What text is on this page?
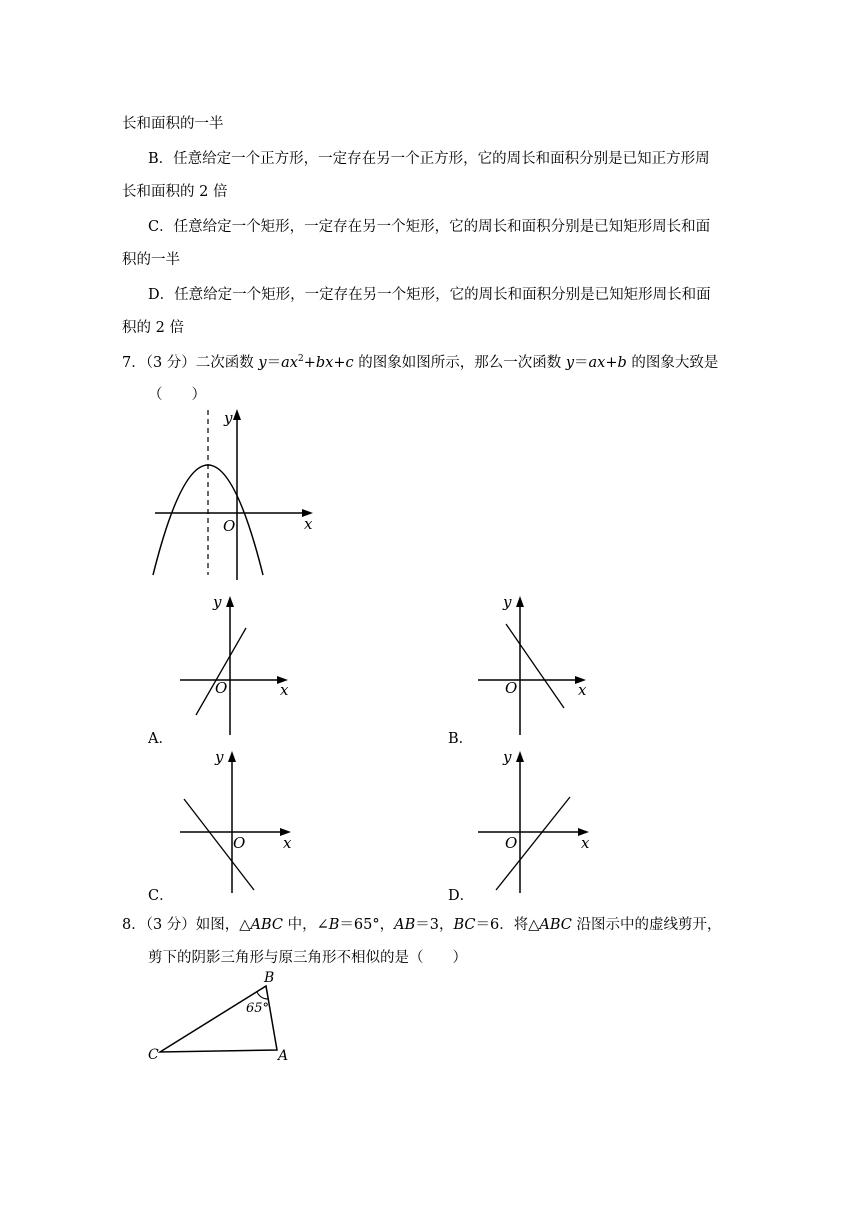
长和面积的一半
B．任意给定一个正方形，一定存在另一个正方形，它的周长和面积分别是已知正方形周
长和面积的 2 倍
C．任意给定一个矩形，一定存在另一个矩形，它的周长和面积分别是已知矩形周长和面
积的一半
D．任意给定一个矩形，一定存在另一个矩形，它的周长和面积分别是已知矩形周长和面
积的 2 倍
7．（3 分）二次函数 $y=ax^2+bx+c$ 的图象如图所示，那么一次函数 y＝ax+b 的图象大致是
（　　）
y
x
O
y
x
O
A．
y
x
O
B．
y
x
O
C．
y
x
O
D．
8．（3 分）如图，△ABC 中，∠B＝65°，AB＝3，BC＝6．将△ABC 沿图示中的虚线剪开，
剪下的阴影三角形与原三角形不相似的是（　　）
B
C	A
65°
